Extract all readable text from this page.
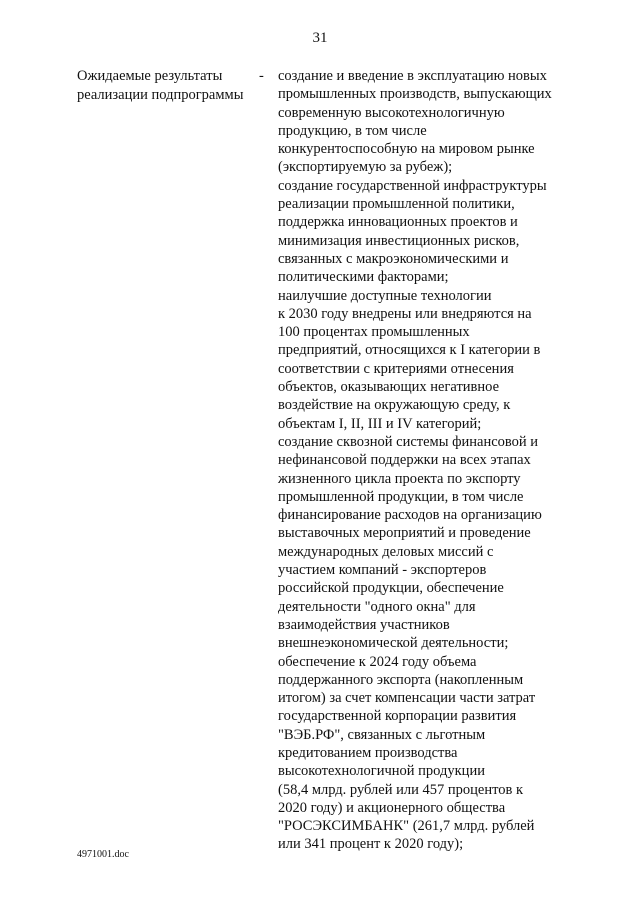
31
Ожидаемые результаты
реализации подпрограммы
- создание и введение в эксплуатацию новых
промышленных производств, выпускающих
современную высокотехнологичную
продукцию, в том числе
конкурентоспособную на мировом рынке
(экспортируемую за рубеж);
создание государственной инфраструктуры
реализации промышленной политики,
поддержка инновационных проектов и
минимизация инвестиционных рисков,
связанных с макроэкономическими и
политическими факторами;
наилучшие доступные технологии
к 2030 году внедрены или внедряются на
100 процентах промышленных
предприятий, относящихся к I категории в
соответствии с критериями отнесения
объектов, оказывающих негативное
воздействие на окружающую среду, к
объектам I, II, III и IV категорий;
создание сквозной системы финансовой и
нефинансовой поддержки на всех этапах
жизненного цикла проекта по экспорту
промышленной продукции, в том числе
финансирование расходов на организацию
выставочных мероприятий и проведение
международных деловых миссий с
участием компаний - экспортеров
российской продукции, обеспечение
деятельности "одного окна" для
взаимодействия участников
внешнеэкономической деятельности;
обеспечение к 2024 году объема
поддержанного экспорта (накопленным
итогом) за счет компенсации части затрат
государственной корпорации развития
"ВЭБ.РФ", связанных с льготным
кредитованием производства
высокотехнологичной продукции
(58,4 млрд. рублей или 457 процентов к
2020 году) и акционерного общества
"РОСЭКСИМБАНК" (261,7 млрд. рублей
или 341 процент к 2020 году);
4971001.doc
